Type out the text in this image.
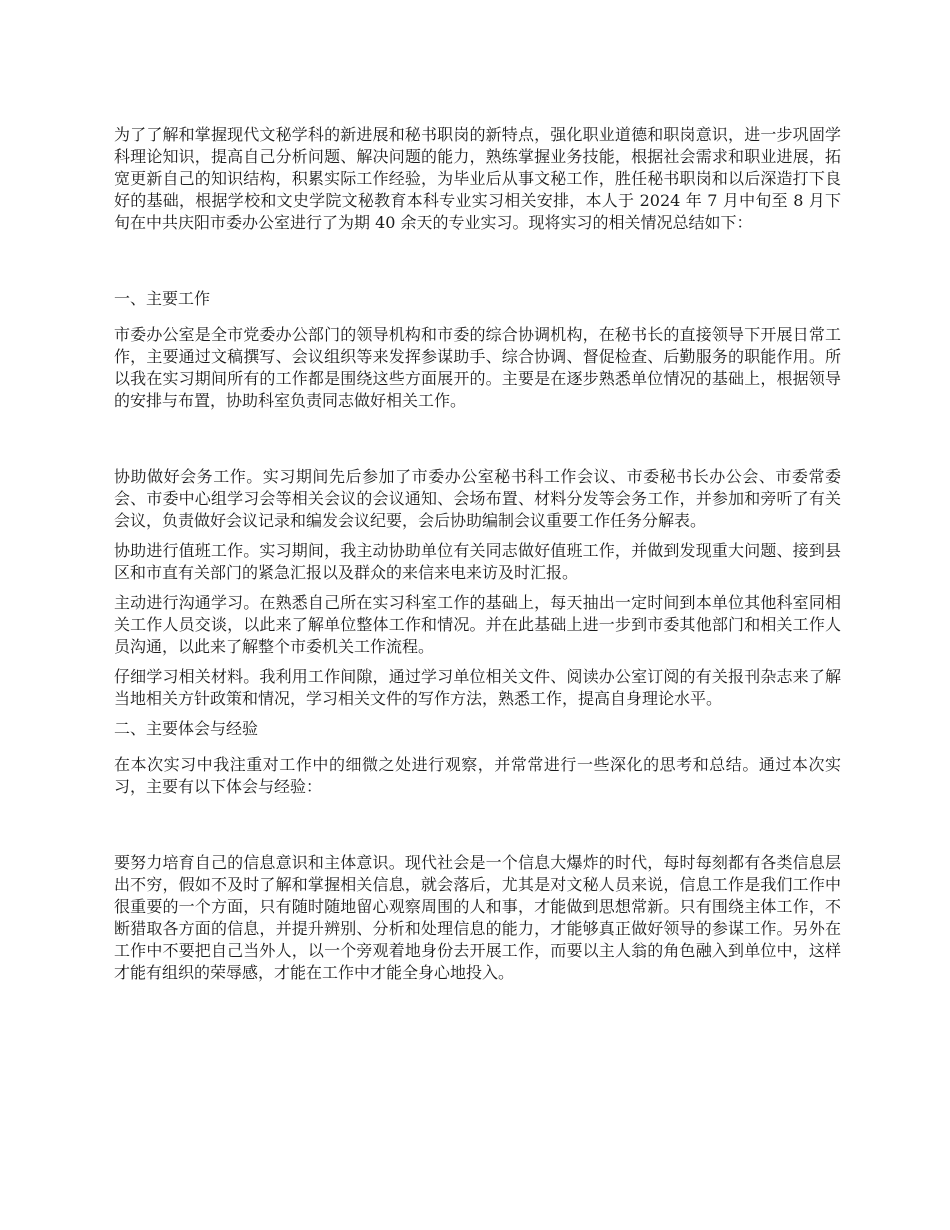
为了了解和掌握现代文秘学科的新进展和秘书职岗的新特点，强化职业道德和职岗意识，进一步巩固学科理论知识，提高自己分析问题、解决问题的能力，熟练掌握业务技能，根据社会需求和职业进展，拓宽更新自己的知识结构，积累实际工作经验，为毕业后从事文秘工作，胜任秘书职岗和以后深造打下良好的基础，根据学校和文史学院文秘教育本科专业实习相关安排，本人于 2024 年 7 月中旬至 8 月下旬在中共庆阳市委办公室进行了为期 40 余天的专业实习。现将实习的相关情况总结如下：

一、主要工作

市委办公室是全市党委办公部门的领导机构和市委的综合协调机构，在秘书长的直接领导下开展日常工作，主要通过文稿撰写、会议组织等来发挥参谋助手、综合协调、督促检查、后勤服务的职能作用。所以我在实习期间所有的工作都是围绕这些方面展开的。主要是在逐步熟悉单位情况的基础上，根据领导的安排与布置，协助科室负责同志做好相关工作。

协助做好会务工作。实习期间先后参加了市委办公室秘书科工作会议、市委秘书长办公会、市委常委会、市委中心组学习会等相关会议的会议通知、会场布置、材料分发等会务工作，并参加和旁听了有关会议，负责做好会议记录和编发会议纪要，会后协助编制会议重要工作任务分解表。

协助进行值班工作。实习期间，我主动协助单位有关同志做好值班工作，并做到发现重大问题、接到县区和市直有关部门的紧急汇报以及群众的来信来电来访及时汇报。

主动进行沟通学习。在熟悉自己所在实习科室工作的基础上，每天抽出一定时间到本单位其他科室同相关工作人员交谈，以此来了解单位整体工作和情况。并在此基础上进一步到市委其他部门和相关工作人员沟通，以此来了解整个市委机关工作流程。

仔细学习相关材料。我利用工作间隙，通过学习单位相关文件、阅读办公室订阅的有关报刊杂志来了解当地相关方针政策和情况，学习相关文件的写作方法，熟悉工作，提高自身理论水平。

二、主要体会与经验

在本次实习中我注重对工作中的细微之处进行观察，并常常进行一些深化的思考和总结。通过本次实习，主要有以下体会与经验：

要努力培育自己的信息意识和主体意识。现代社会是一个信息大爆炸的时代，每时每刻都有各类信息层出不穷，假如不及时了解和掌握相关信息，就会落后，尤其是对文秘人员来说，信息工作是我们工作中很重要的一个方面，只有随时随地留心观察周围的人和事，才能做到思想常新。只有围绕主体工作，不断猎取各方面的信息，并提升辨别、分析和处理信息的能力，才能够真正做好领导的参谋工作。另外在工作中不要把自己当外人，以一个旁观着地身份去开展工作，而要以主人翁的角色融入到单位中，这样才能有组织的荣辱感，才能在工作中才能全身心地投入。
